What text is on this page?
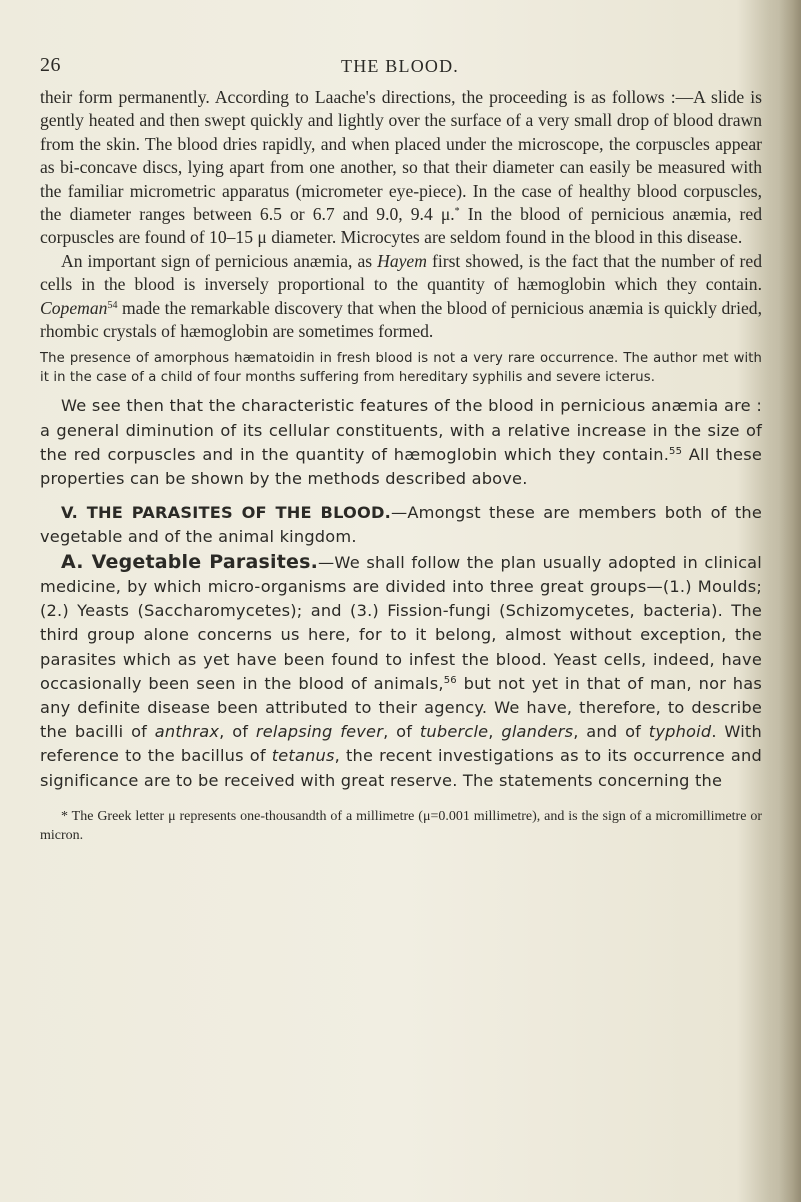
26	THE BLOOD.

their form permanently. According to Laache's directions, the proceeding is as follows :—A slide is gently heated and then swept quickly and lightly over the surface of a very small drop of blood drawn from the skin. The blood dries rapidly, and when placed under the microscope, the corpuscles appear as bi-concave discs, lying apart from one another, so that their diameter can easily be measured with the familiar micrometric apparatus (micrometer eye-piece). In the case of healthy blood corpuscles, the diameter ranges between 6.5 or 6.7 and 9.0, 9.4 μ.* In the blood of pernicious anæmia, red corpuscles are found of 10–15 μ diameter. Microcytes are seldom found in the blood in this disease.

An important sign of pernicious anæmia, as Hayem first showed, is the fact that the number of red cells in the blood is inversely proportional to the quantity of hæmoglobin which they contain. Copeman$^{54}$ made the remarkable discovery that when the blood of pernicious anæmia is quickly dried, rhombic crystals of hæmoglobin are sometimes formed.

The presence of amorphous hæmatoidin in fresh blood is not a very rare occurrence. The author met with it in the case of a child of four months suffering from hereditary syphilis and severe icterus.

We see then that the characteristic features of the blood in pernicious anæmia are : a general diminution of its cellular constituents, with a relative increase in the size of the red corpuscles and in the quantity of hæmoglobin which they contain.$^{55}$ All these properties can be shown by the methods described above.

V. THE PARASITES OF THE BLOOD.—Amongst these are members both of the vegetable and of the animal kingdom.

A. Vegetable Parasites.—We shall follow the plan usually adopted in clinical medicine, by which micro-organisms are divided into three great groups—(1.) Moulds; (2.) Yeasts (Saccharomycetes); and (3.) Fission-fungi (Schizomycetes, bacteria). The third group alone concerns us here, for to it belong, almost without exception, the parasites which as yet have been found to infest the blood. Yeast cells, indeed, have occasionally been seen in the blood of animals,$^{56}$ but not yet in that of man, nor has any definite disease been attributed to their agency. We have, therefore, to describe the bacilli of anthrax, of relapsing fever, of tubercle, glanders, and of typhoid. With reference to the bacillus of tetanus, the recent investigations as to its occurrence and significance are to be received with great reserve. The statements concerning the

* The Greek letter μ represents one-thousandth of a millimetre (μ=0.001 millimetre), and is the sign of a micromillimetre or micron.
